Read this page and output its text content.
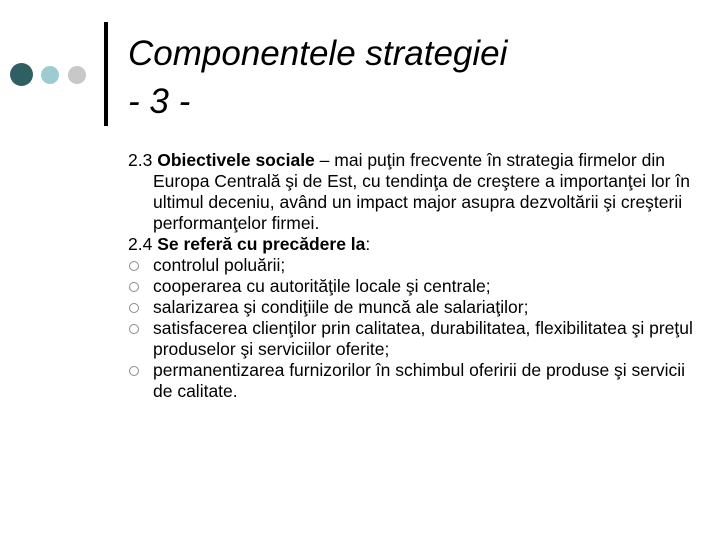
Componentele strategiei
- 3 -
2.3 Obiectivele sociale – mai puţin frecvente în strategia firmelor din Europa Centrală şi de Est, cu tendinţa de creştere a importanţei lor în ultimul deceniu, având un impact major asupra dezvoltării şi creşterii performanţelor firmei.
2.4 Se referă cu precădere la:
controlul poluării;
cooperarea cu autorităţile locale şi centrale;
salarizarea şi condiţiile de muncă ale salariaţilor;
satisfacerea clienţilor prin calitatea, durabilitatea, flexibilitatea şi preţul produselor şi serviciilor oferite;
permanentizarea furnizorilor în schimbul oferirii de produse şi servicii de calitate.
